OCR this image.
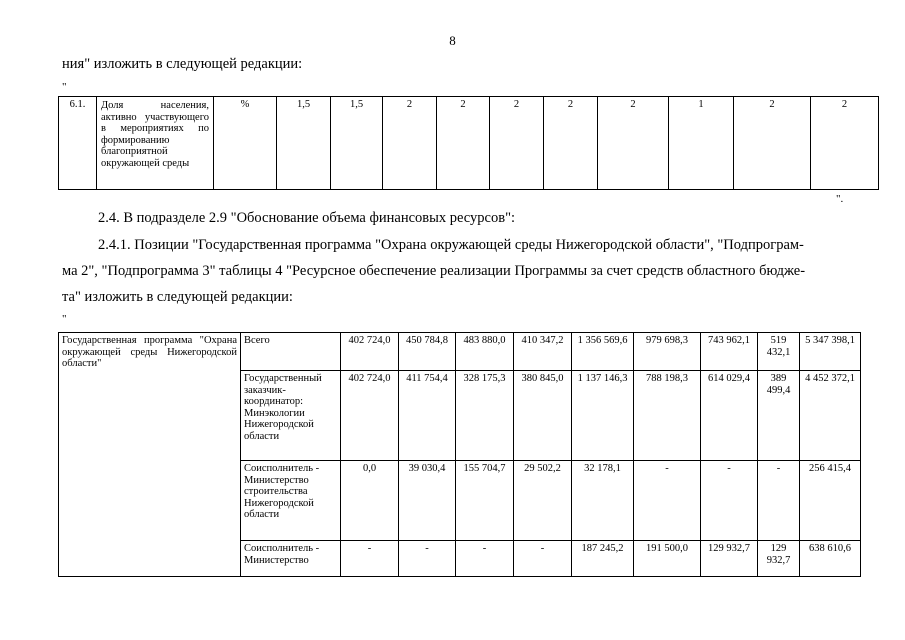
8
ния" изложить в следующей редакции:
"
6.1.	Доля населения, активно участвующего в мероприятиях по формированию благоприятной окружающей среды	%	1,5	1,5	2	2	2	2	2	1	2	2
".
2.4. В подразделе 2.9 "Обоснование объема финансовых ресурсов":
2.4.1. Позиции "Государственная программа "Охрана окружающей среды Нижегородской области", "Подпрограм-
ма 2", "Подпрограмма 3" таблицы 4 "Ресурсное обеспечение реализации Программы за счет средств областного бюдже-
та" изложить в следующей редакции:
"
Государственная программа "Охрана окружающей среды Нижегородской области"	Всего	402 724,0	450 784,8	483 880,0	410 347,2	1 356 569,6	979 698,3	743 962,1	519 432,1	5 347 398,1
	Государственный заказчик-координатор: Минэкологии Нижегородской области	402 724,0	411 754,4	328 175,3	380 845,0	1 137 146,3	788 198,3	614 029,4	389 499,4	4 452 372,1
	Соисполнитель - Министерство строительства Нижегородской области	0,0	39 030,4	155 704,7	29 502,2	32 178,1	-	-	-	256 415,4
	Соисполнитель - Министерство	-	-	-	-	187 245,2	191 500,0	129 932,7	129 932,7	638 610,6
